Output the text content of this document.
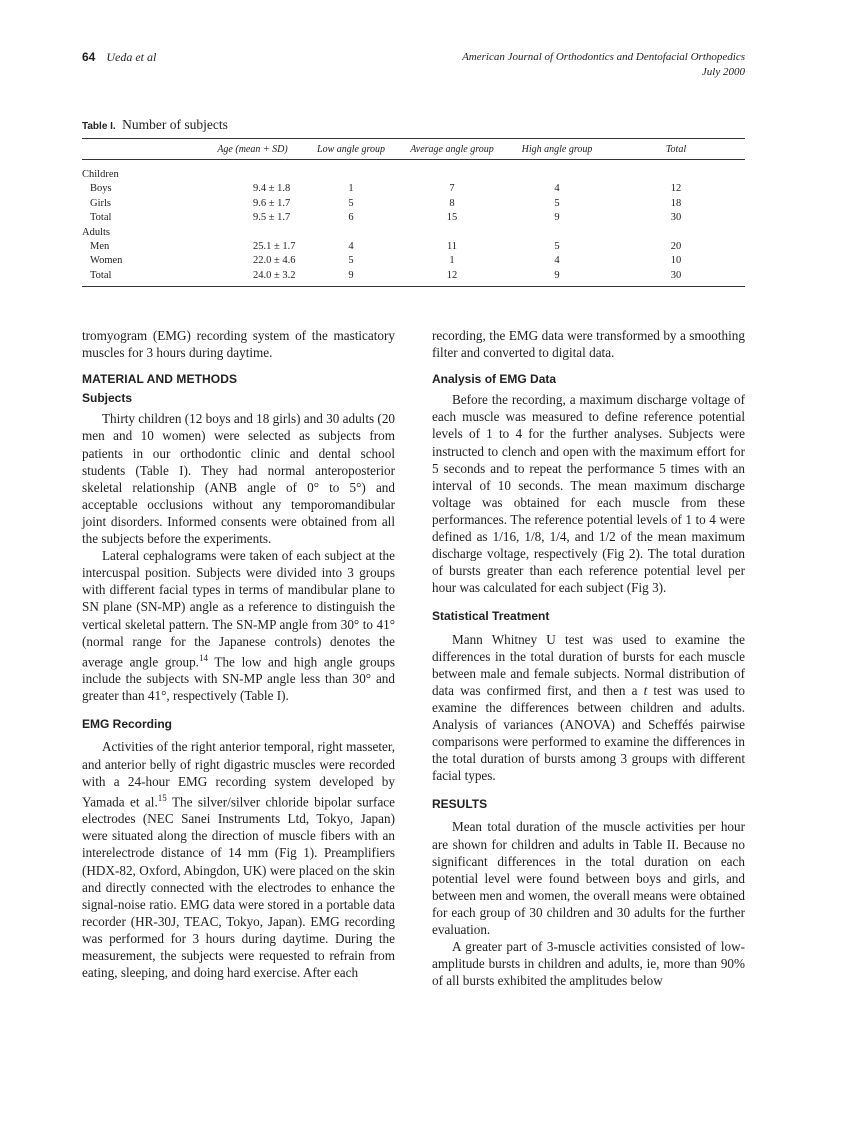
64 Ueda et al	American Journal of Orthodontics and Dentofacial Orthopedics
July 2000
Table I. Number of subjects
	Age (mean + SD)	Low angle group	Average angle group	High angle group	Total
Children					
Boys	9.4 ± 1.8	1	7	4	12
Girls	9.6 ± 1.7	5	8	5	18
Total	9.5 ± 1.7	6	15	9	30
Adults					
Men	25.1 ± 1.7	4	11	5	20
Women	22.0 ± 4.6	5	1	4	10
Total	24.0 ± 3.2	9	12	9	30

tromyogram (EMG) recording system of the masticatory muscles for 3 hours during daytime.

MATERIAL AND METHODS
Subjects

Thirty children (12 boys and 18 girls) and 30 adults (20 men and 10 women) were selected as subjects from patients in our orthodontic clinic and dental school students (Table I). They had normal anteroposterior skeletal relationship (ANB angle of 0° to 5°) and acceptable occlusions without any temporomandibular joint disorders. Informed consents were obtained from all the subjects before the experiments.

Lateral cephalograms were taken of each subject at the intercuspal position. Subjects were divided into 3 groups with different facial types in terms of mandibular plane to SN plane (SN-MP) angle as a reference to distinguish the vertical skeletal pattern. The SN-MP angle from 30° to 41° (normal range for the Japanese controls) denotes the average angle group.$^{14}$ The low and high angle groups include the subjects with SN-MP angle less than 30° and greater than 41°, respectively (Table I).

EMG Recording

Activities of the right anterior temporal, right masseter, and anterior belly of right digastric muscles were recorded with a 24-hour EMG recording system developed by Yamada et al.$^{15}$ The silver/silver chloride bipolar surface electrodes (NEC Sanei Instruments Ltd, Tokyo, Japan) were situated along the direction of muscle fibers with an interelectrode distance of 14 mm (Fig 1). Preamplifiers (HDX-82, Oxford, Abingdon, UK) were placed on the skin and directly connected with the electrodes to enhance the signal-noise ratio. EMG data were stored in a portable data recorder (HR-30J, TEAC, Tokyo, Japan). EMG recording was performed for 3 hours during daytime. During the measurement, the subjects were requested to refrain from eating, sleeping, and doing hard exercise. After each

recording, the EMG data were transformed by a smoothing filter and converted to digital data.

Analysis of EMG Data

Before the recording, a maximum discharge voltage of each muscle was measured to define reference potential levels of 1 to 4 for the further analyses. Subjects were instructed to clench and open with the maximum effort for 5 seconds and to repeat the performance 5 times with an interval of 10 seconds. The mean maximum discharge voltage was obtained for each muscle from these performances. The reference potential levels of 1 to 4 were defined as 1/16, 1/8, 1/4, and 1/2 of the mean maximum discharge voltage, respectively (Fig 2). The total duration of bursts greater than each reference potential level per hour was calculated for each subject (Fig 3).

Statistical Treatment

Mann Whitney U test was used to examine the differences in the total duration of bursts for each muscle between male and female subjects. Normal distribution of data was confirmed first, and then a t test was used to examine the differences between children and adults. Analysis of variances (ANOVA) and Scheffés pairwise comparisons were performed to examine the differences in the total duration of bursts among 3 groups with different facial types.

RESULTS

Mean total duration of the muscle activities per hour are shown for children and adults in Table II. Because no significant differences in the total duration on each potential level were found between boys and girls, and between men and women, the overall means were obtained for each group of 30 children and 30 adults for the further evaluation.

A greater part of 3-muscle activities consisted of low-amplitude bursts in children and adults, ie, more than 90% of all bursts exhibited the amplitudes below
